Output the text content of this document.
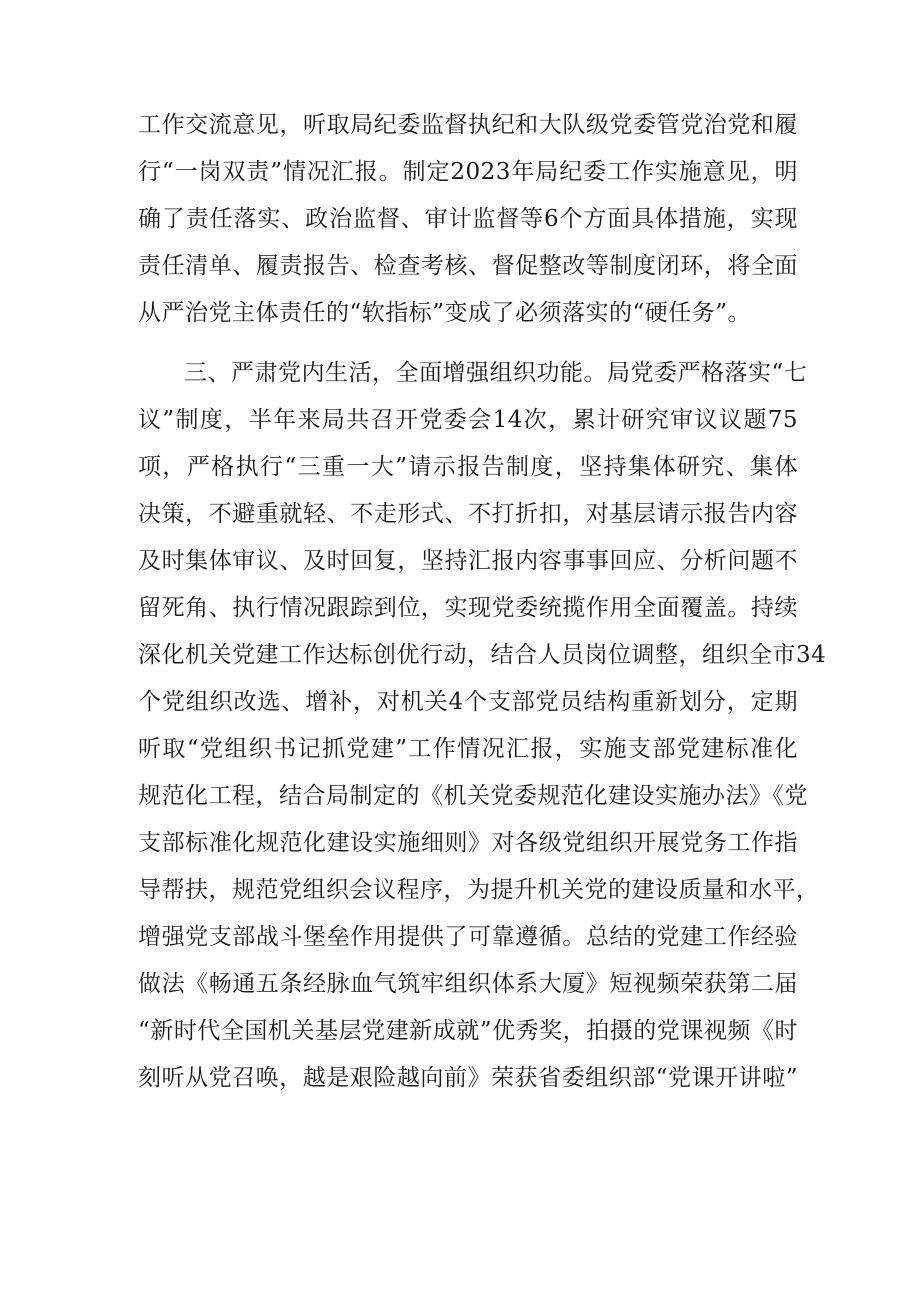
工作交流意见，听取局纪委监督执纪和大队级党委管党治党和履
行“一岗双责”情况汇报。制定2023年局纪委工作实施意见，明
确了责任落实、政治监督、审计监督等6个方面具体措施，实现
责任清单、履责报告、检查考核、督促整改等制度闭环，将全面
从严治党主体责任的“软指标”变成了必须落实的“硬任务”。
三、严肃党内生活，全面增强组织功能。局党委严格落实“七
议”制度，半年来局共召开党委会14次，累计研究审议议题75
项，严格执行“三重一大”请示报告制度，坚持集体研究、集体
决策，不避重就轻、不走形式、不打折扣，对基层请示报告内容
及时集体审议、及时回复，坚持汇报内容事事回应、分析问题不
留死角、执行情况跟踪到位，实现党委统揽作用全面覆盖。持续
深化机关党建工作达标创优行动，结合人员岗位调整，组织全市34
个党组织改选、增补，对机关4个支部党员结构重新划分，定期
听取“党组织书记抓党建”工作情况汇报，实施支部党建标准化
规范化工程，结合局制定的《机关党委规范化建设实施办法》《党
支部标准化规范化建设实施细则》对各级党组织开展党务工作指
导帮扶，规范党组织会议程序，为提升机关党的建设质量和水平，
增强党支部战斗堡垒作用提供了可靠遵循。总结的党建工作经验
做法《畅通五条经脉血气筑牢组织体系大厦》短视频荣获第二届
“新时代全国机关基层党建新成就”优秀奖，拍摄的党课视频《时
刻听从党召唤，越是艰险越向前》荣获省委组织部“党课开讲啦”
